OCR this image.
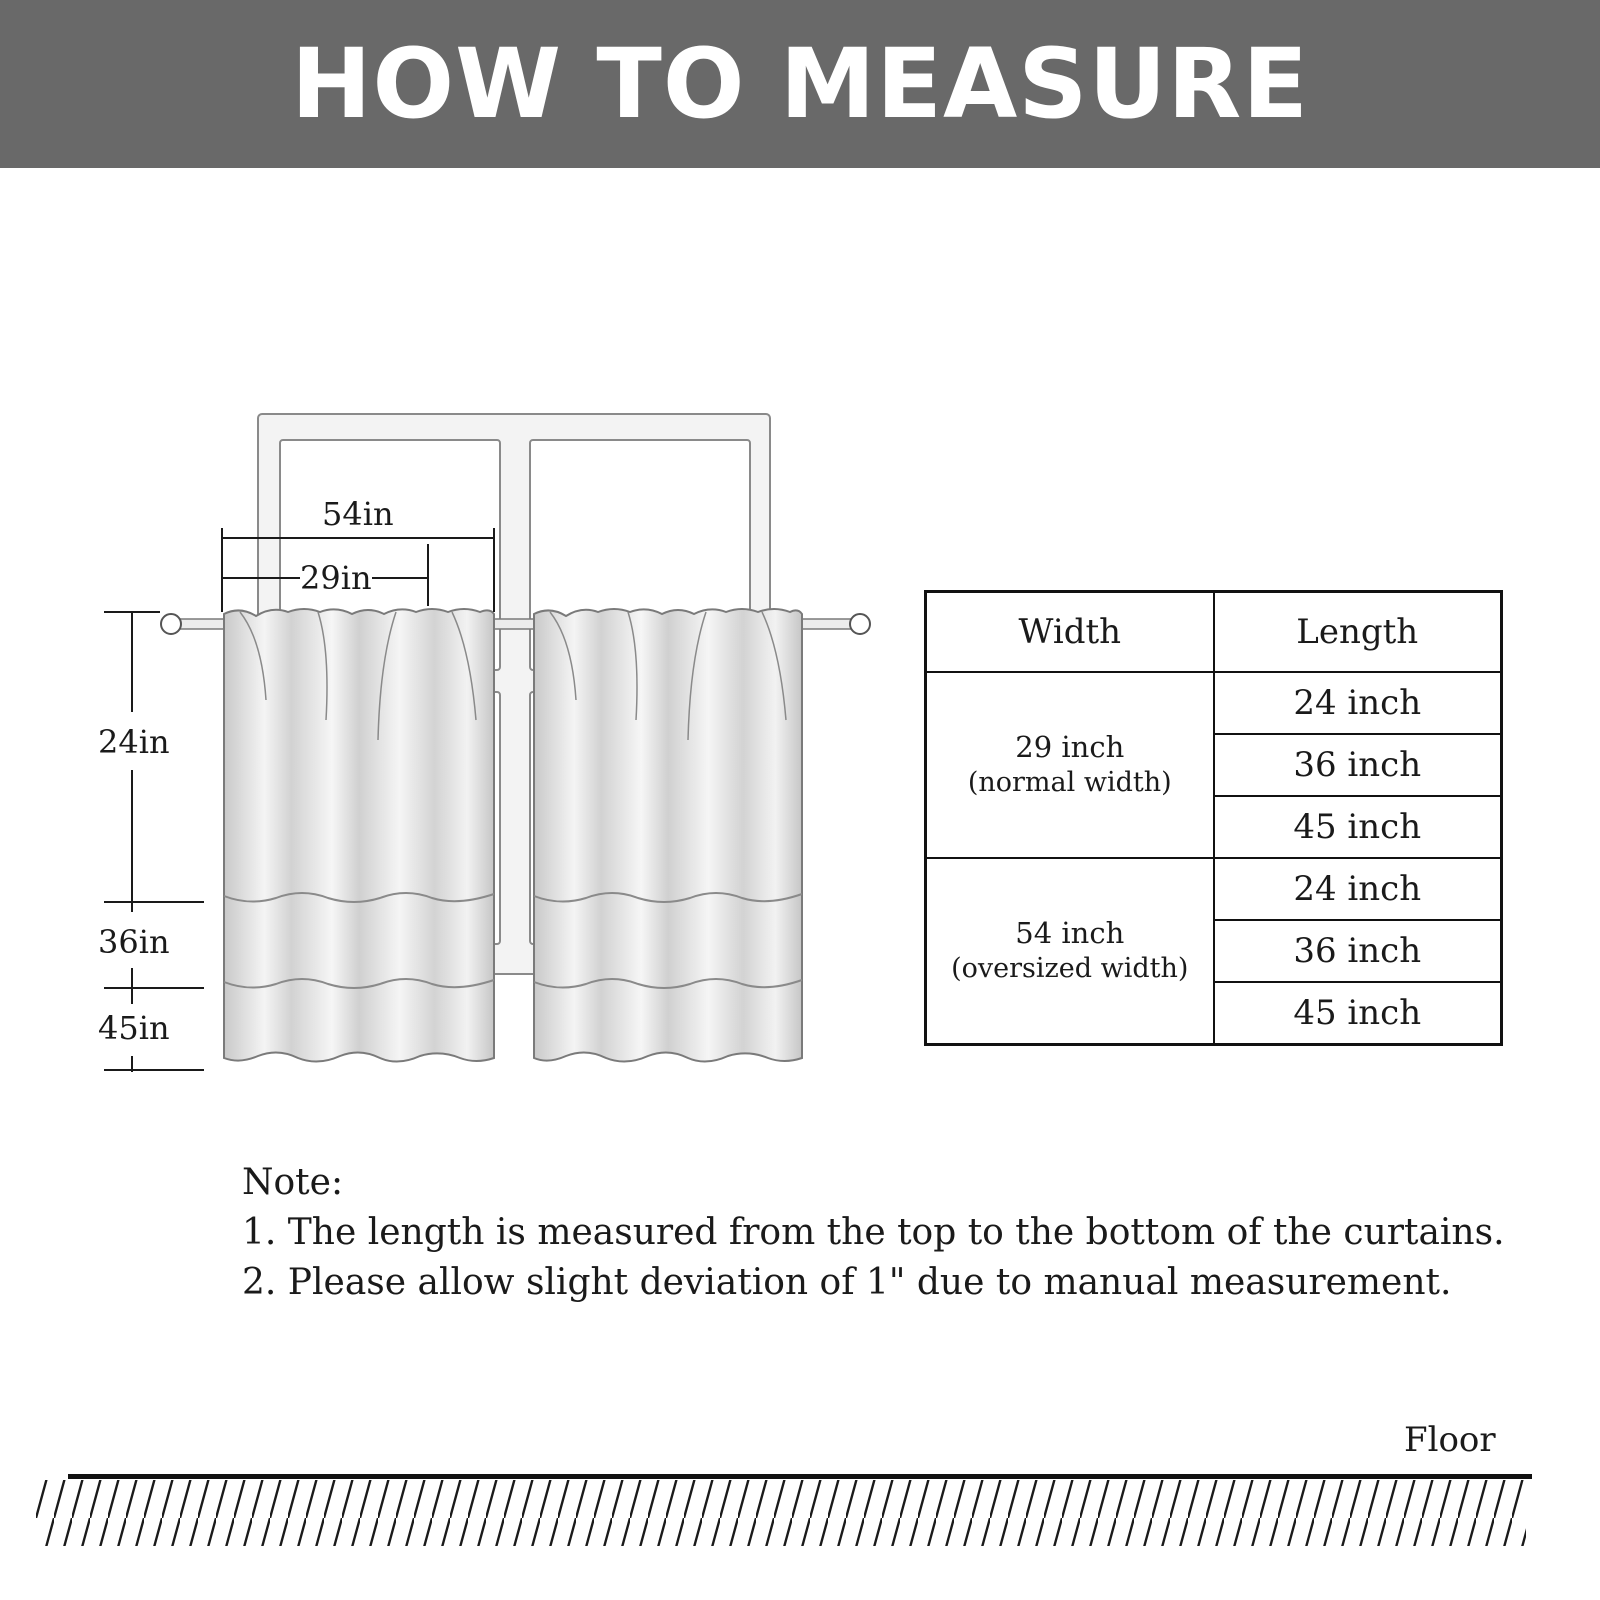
HOW TO MEASURE
54in
29in
24in
36in
45in
Width	Length
29 inch
(normal width)	24 inch
	36 inch
	45 inch
54 inch
(oversized width)	24 inch
	36 inch
	45 inch

Note:

1. The length is measured from the top to the bottom of the curtains.

2. Please allow slight deviation of 1" due to manual measurement.

Floor
